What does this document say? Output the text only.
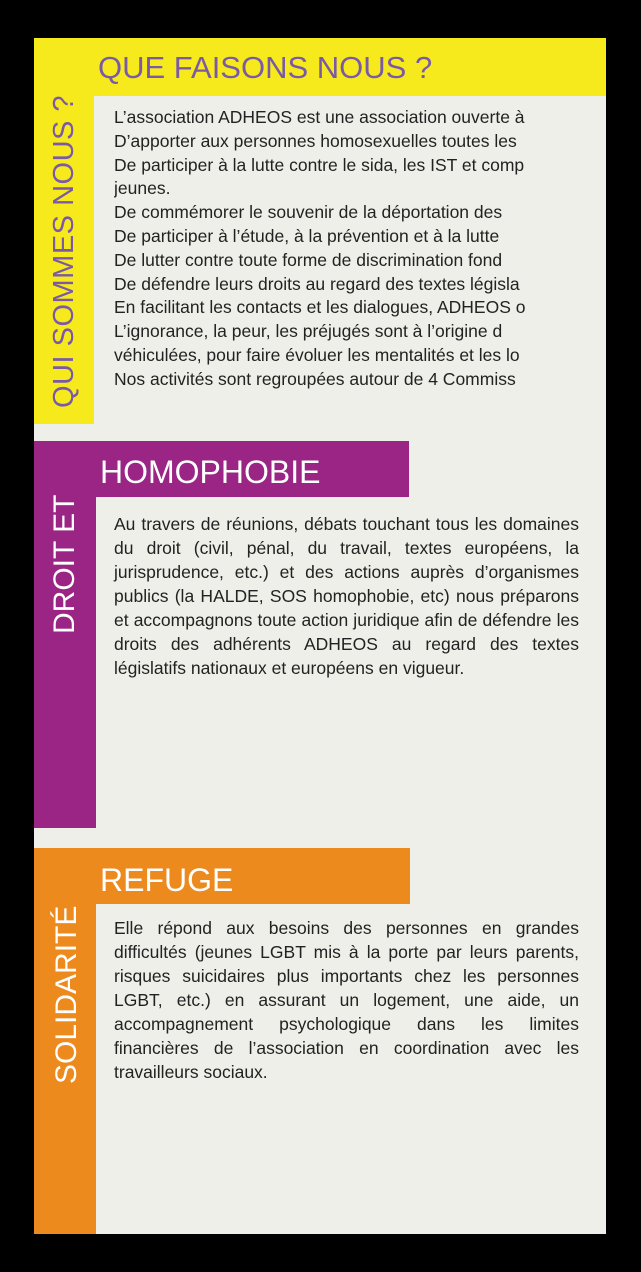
QUI SOMMES NOUS ?
QUE FAISONS NOUS ?
L’association ADHEOS est une association ouverte à
D’apporter aux personnes homosexuelles toutes les
De participer à la lutte contre le sida, les IST et comp
jeunes.
De commémorer le souvenir de la déportation des
De participer à l’étude, à la prévention et à la lutte
De lutter contre toute forme de discrimination fond
De défendre leurs droits au regard des textes législa
En facilitant les contacts et les dialogues, ADHEOS o
L’ignorance, la peur, les préjugés sont à l’origine d
véhiculées, pour faire évoluer les mentalités et les lo
Nos activités sont regroupées autour de 4 Commiss
DROIT ET
HOMOPHOBIE
Au travers de réunions, débats touchant tous les domaines du droit (civil, pénal, du travail, textes européens, la jurisprudence, etc.) et des actions auprès d’organismes publics (la HALDE, SOS homophobie, etc) nous préparons et accompagnons toute action juridique afin de défendre les droits des adhérents ADHEOS au regard des textes législatifs nationaux et européens en vigueur.
SOLIDARITÉ
REFUGE
Elle répond aux besoins des personnes en grandes difficultés (jeunes LGBT mis à la porte par leurs parents, risques suicidaires plus importants chez les personnes LGBT, etc.) en assurant un logement, une aide, un accompagnement psychologique dans les limites financières de l’association en coordination avec les travailleurs sociaux.
